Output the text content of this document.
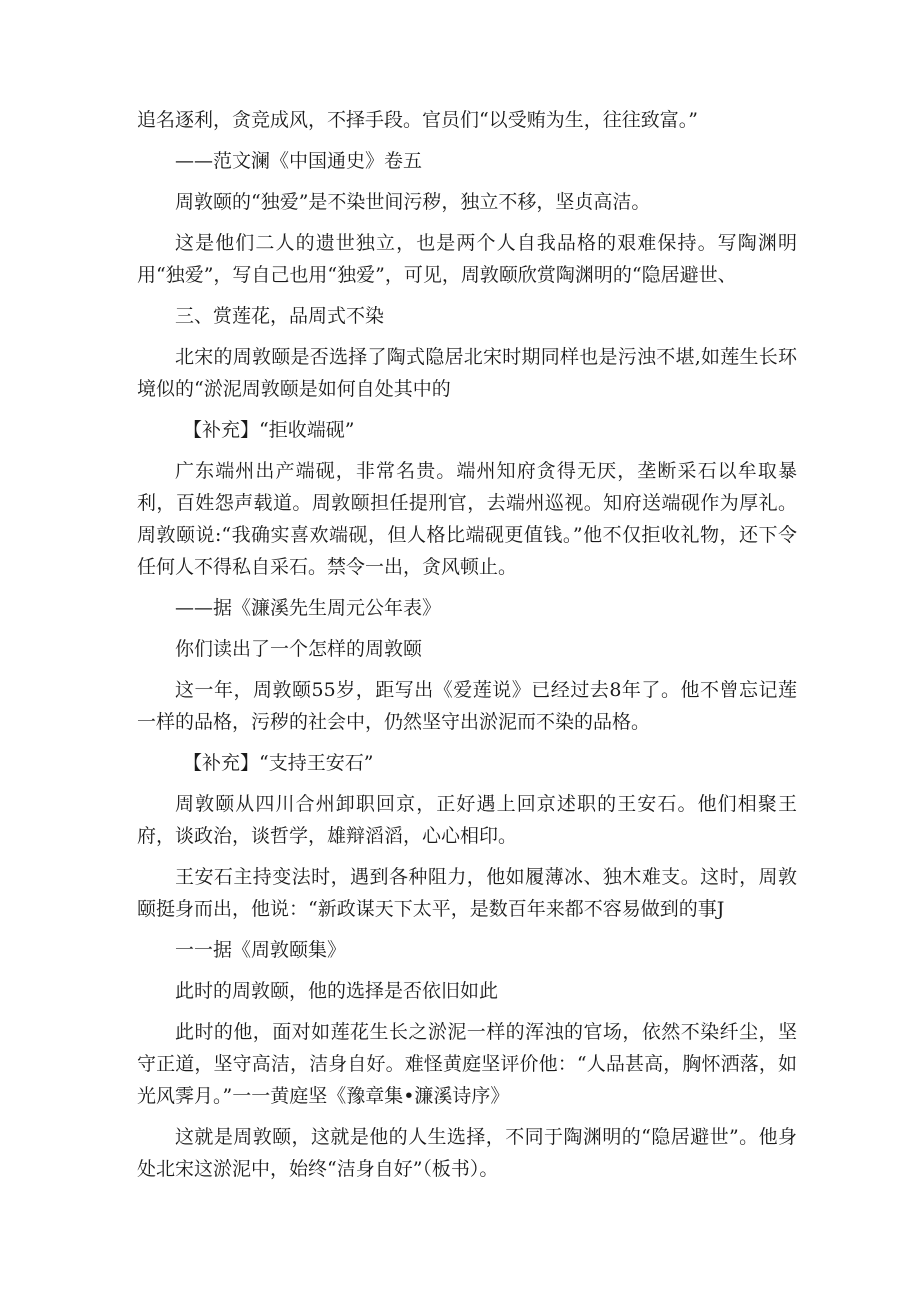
追名逐利，贪竞成风，不择手段。官员们“以受贿为生，往往致富。”

——范文澜《中国通史》卷五

周敦颐的“独爱”是不染世间污秽，独立不移，坚贞高洁。

这是他们二人的遗世独立，也是两个人自我品格的艰难保持。写陶渊明用“独爱”，写自己也用“独爱”，可见，周敦颐欣赏陶渊明的“隐居避世、

三、赏莲花，品周式不染

北宋的周敦颐是否选择了陶式隐居北宋时期同样也是污浊不堪,如莲生长环境似的“淤泥周敦颐是如何自处其中的

【补充】“拒收端砚”

广东端州出产端砚，非常名贵。端州知府贪得无厌，垄断采石以牟取暴利，百姓怨声载道。周敦颐担任提刑官，去端州巡视。知府送端砚作为厚礼。周敦颐说:“我确实喜欢端砚，但人格比端砚更值钱。”他不仅拒收礼物，还下令任何人不得私自采石。禁令一出，贪风顿止。

——据《濂溪先生周元公年表》

你们读出了一个怎样的周敦颐

这一年，周敦颐55岁，距写出《爱莲说》已经过去8年了。他不曾忘记莲一样的品格，污秽的社会中，仍然坚守出淤泥而不染的品格。

【补充】“支持王安石”

周敦颐从四川合州卸职回京，正好遇上回京述职的王安石。他们相聚王府，谈政治，谈哲学，雄辩滔滔，心心相印。

王安石主持变法时，遇到各种阻力，他如履薄冰、独木难支。这时，周敦颐挺身而出，他说：“新政谋天下太平，是数百年来都不容易做到的事J

一一据《周敦颐集》

此时的周敦颐，他的选择是否依旧如此

此时的他，面对如莲花生长之淤泥一样的浑浊的官场，依然不染纤尘，坚守正道，坚守高洁，洁身自好。难怪黄庭坚评价他：“人品甚高，胸怀洒落，如光风霁月。”一一黄庭坚《豫章集•濂溪诗序》

这就是周敦颐，这就是他的人生选择，不同于陶渊明的“隐居避世”。他身处北宋这淤泥中，始终“洁身自好”（板书）。
